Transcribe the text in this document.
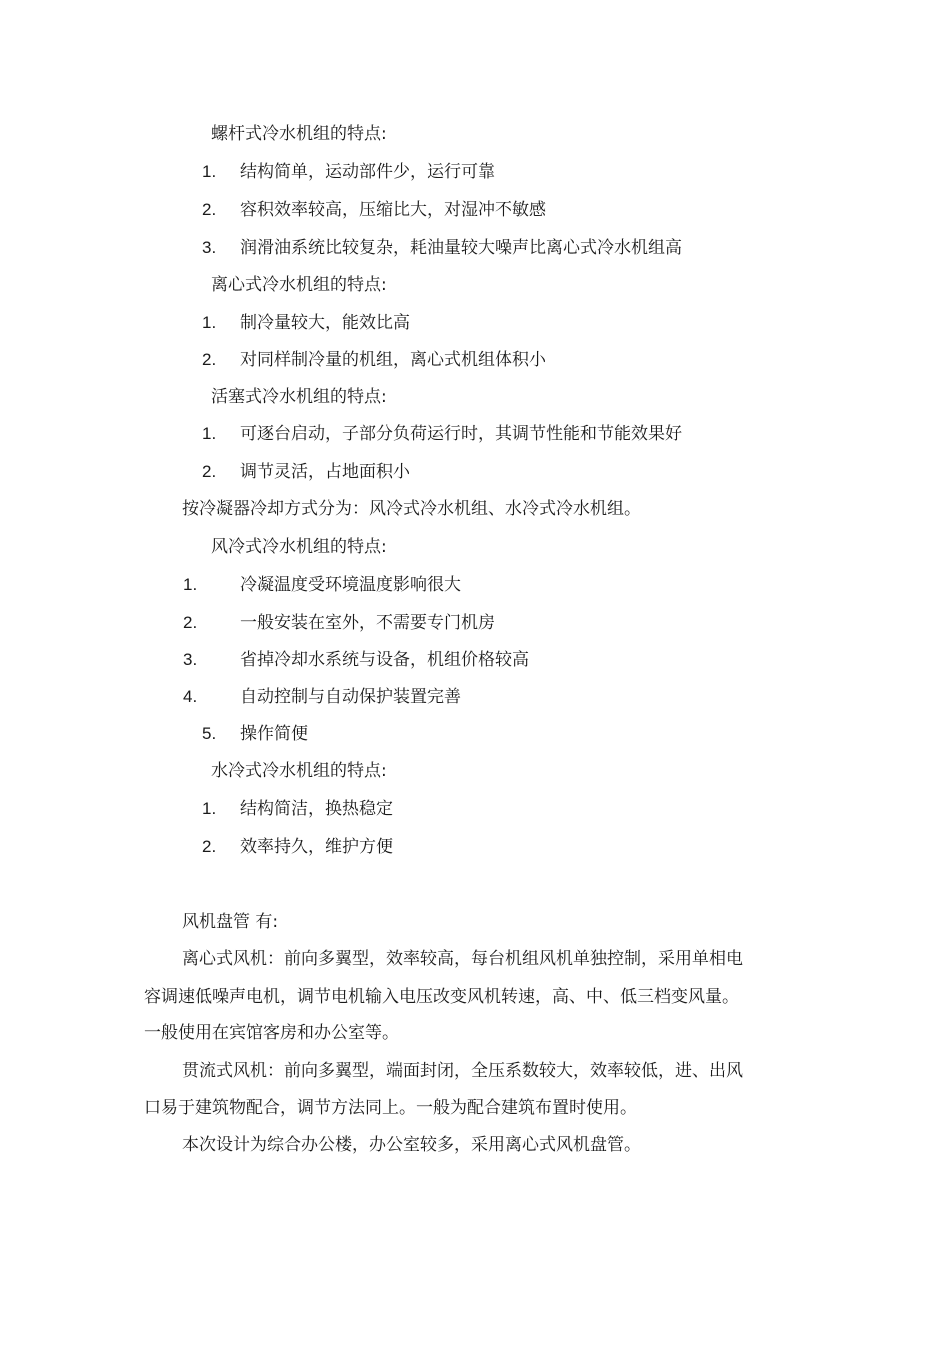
螺杆式冷水机组的特点:
1. 结构简单，运动部件少，运行可靠
2. 容积效率较高，压缩比大，对湿冲不敏感
3. 润滑油系统比较复杂，耗油量较大噪声比离心式冷水机组高
离心式冷水机组的特点:
1. 制冷量较大，能效比高
2. 对同样制冷量的机组，离心式机组体积小
活塞式冷水机组的特点:
1. 可逐台启动，子部分负荷运行时，其调节性能和节能效果好
2. 调节灵活，占地面积小
按冷凝器冷却方式分为：风冷式冷水机组、水冷式冷水机组。
风冷式冷水机组的特点:
1.	冷凝温度受环境温度影响很大
2.	一般安装在室外，不需要专门机房
3.	省掉冷却水系统与设备，机组价格较高
4.	自动控制与自动保护装置完善
5. 操作简便
水冷式冷水机组的特点:
1. 结构简洁，换热稳定
2. 效率持久，维护方便
风机盘管 有:
离心式风机：前向多翼型，效率较高，每台机组风机单独控制，采用单相电
容调速低噪声电机，调节电机输入电压改变风机转速，高、中、低三档变风量。
一般使用在宾馆客房和办公室等。
贯流式风机：前向多翼型，端面封闭，全压系数较大，效率较低，进、出风
口易于建筑物配合，调节方法同上。一般为配合建筑布置时使用。
本次设计为综合办公楼，办公室较多，采用离心式风机盘管。
